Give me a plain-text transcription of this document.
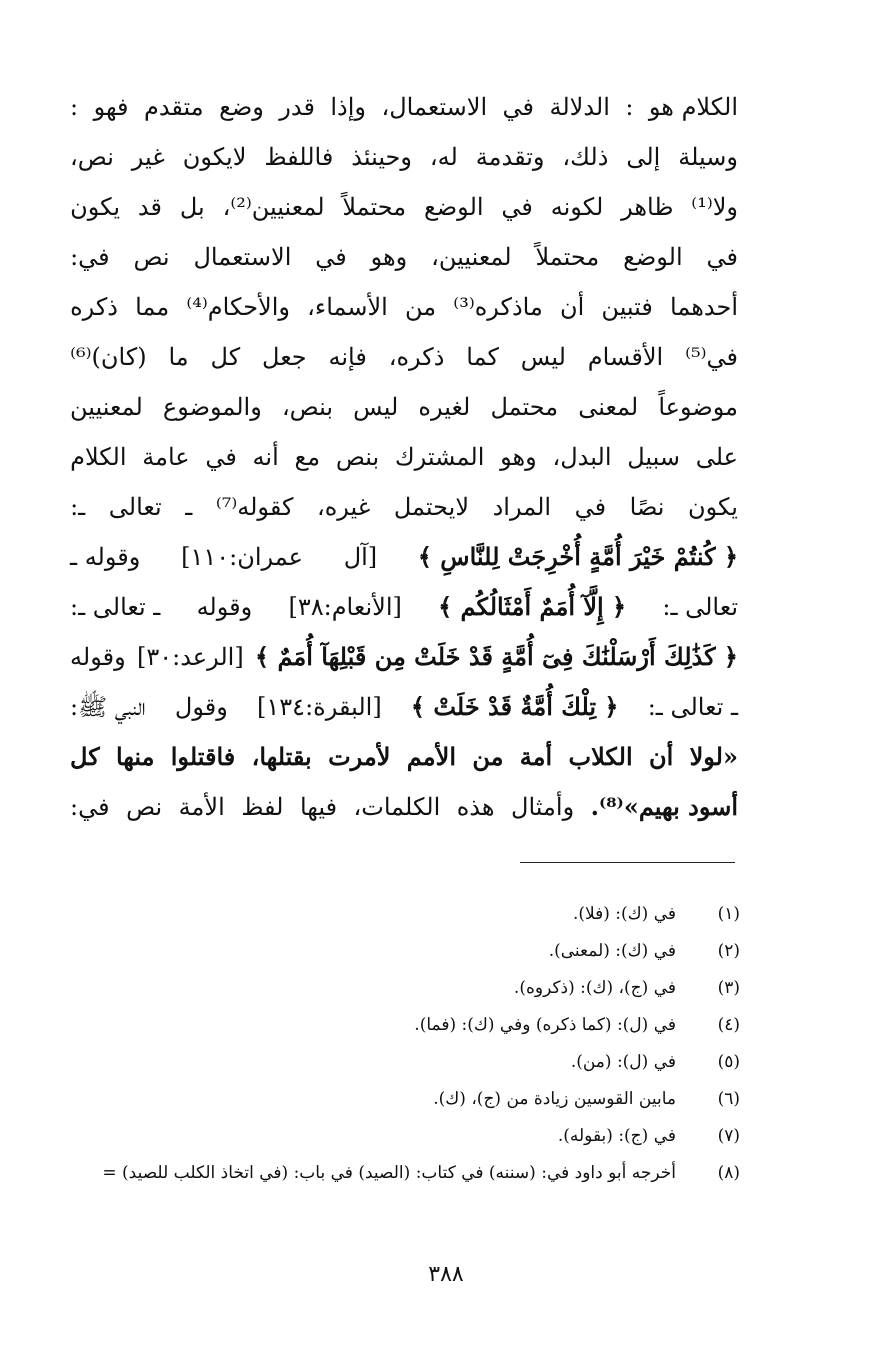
الكلام هو
:
الدلالة
في
الاستعمال،
وإذا
قدر
وضع
متقدم
فهو
:
وسيلة
إلى
ذلك،
وتقدمة
له،
وحينئذ
فاللفظ
لايكون
غير
نص،
ولا⁽¹⁾
ظاهر
لكونه
في
الوضع
محتملاً
لمعنيين⁽²⁾،
بل
قد
يكون
في
الوضع
محتملاً
لمعنيين،
وهو
في
الاستعمال
نص
في:
أحدهما
فتبين
أن
ماذكره⁽³⁾
من
الأسماء،
والأحكام⁽⁴⁾
مما
ذكره
في⁽⁵⁾
الأقسام
ليس
كما
ذكره،
فإنه
جعل
كل
ما
(كان)⁽⁶⁾
موضوعاً
لمعنى
محتمل
لغيره
ليس
بنص،
والموضوع
لمعنيين
على
سبيل
البدل،
وهو
المشترك
بنص
مع
أنه
في
عامة
الكلام
يكون
نصًا
في
المراد
لايحتمل
غيره،
كقوله⁽⁷⁾
ـ
تعالى
ـ:
﴿ كُنتُمْ خَيْرَ أُمَّةٍ أُخْرِجَتْ لِلنَّاسِ ﴾
[آل
عمران:١١٠]
وقوله ـ
تعالى ـ:
﴿ إِلَّآ أُمَمٌ أَمْثَالُكُم ﴾
[الأنعام:٣٨]
وقوله
ـ تعالى ـ:
﴿ كَذَٰلِكَ أَرْسَلْنَٰكَ فِىٓ أُمَّةٍ قَدْ خَلَتْ مِن قَبْلِهَآ أُمَمٌ ﴾
[الرعد:٣٠]
وقوله
ـ تعالى ـ:
﴿ تِلْكَ أُمَّةٌ قَدْ خَلَتْ ﴾
[البقرة:١٣٤]
وقول
النبي ﷺ:
«لولا
أن
الكلاب
أمة
من
الأمم
لأمرت
بقتلها،
فاقتلوا
منها
كل
أسود بهيم»⁽⁸⁾.
وأمثال
هذه
الكلمات،
فيها
لفظ
الأمة
نص
في:
(١)
في (ك): (فلا).
(٢)
في (ك): (لمعنى).
(٣)
في (ج)، (ك): (ذكروه).
(٤)
في (ل): (كما ذكره) وفي (ك): (فما).
(٥)
في (ل): (من).
(٦)
مابين القوسين زيادة من (ج)، (ك).
(٧)
في (ج): (بقوله).
(٨)
أخرجه أبو داود في: (سننه) في كتاب: (الصيد) في باب: (في اتخاذ الكلب للصيد) =
٣٨٨
